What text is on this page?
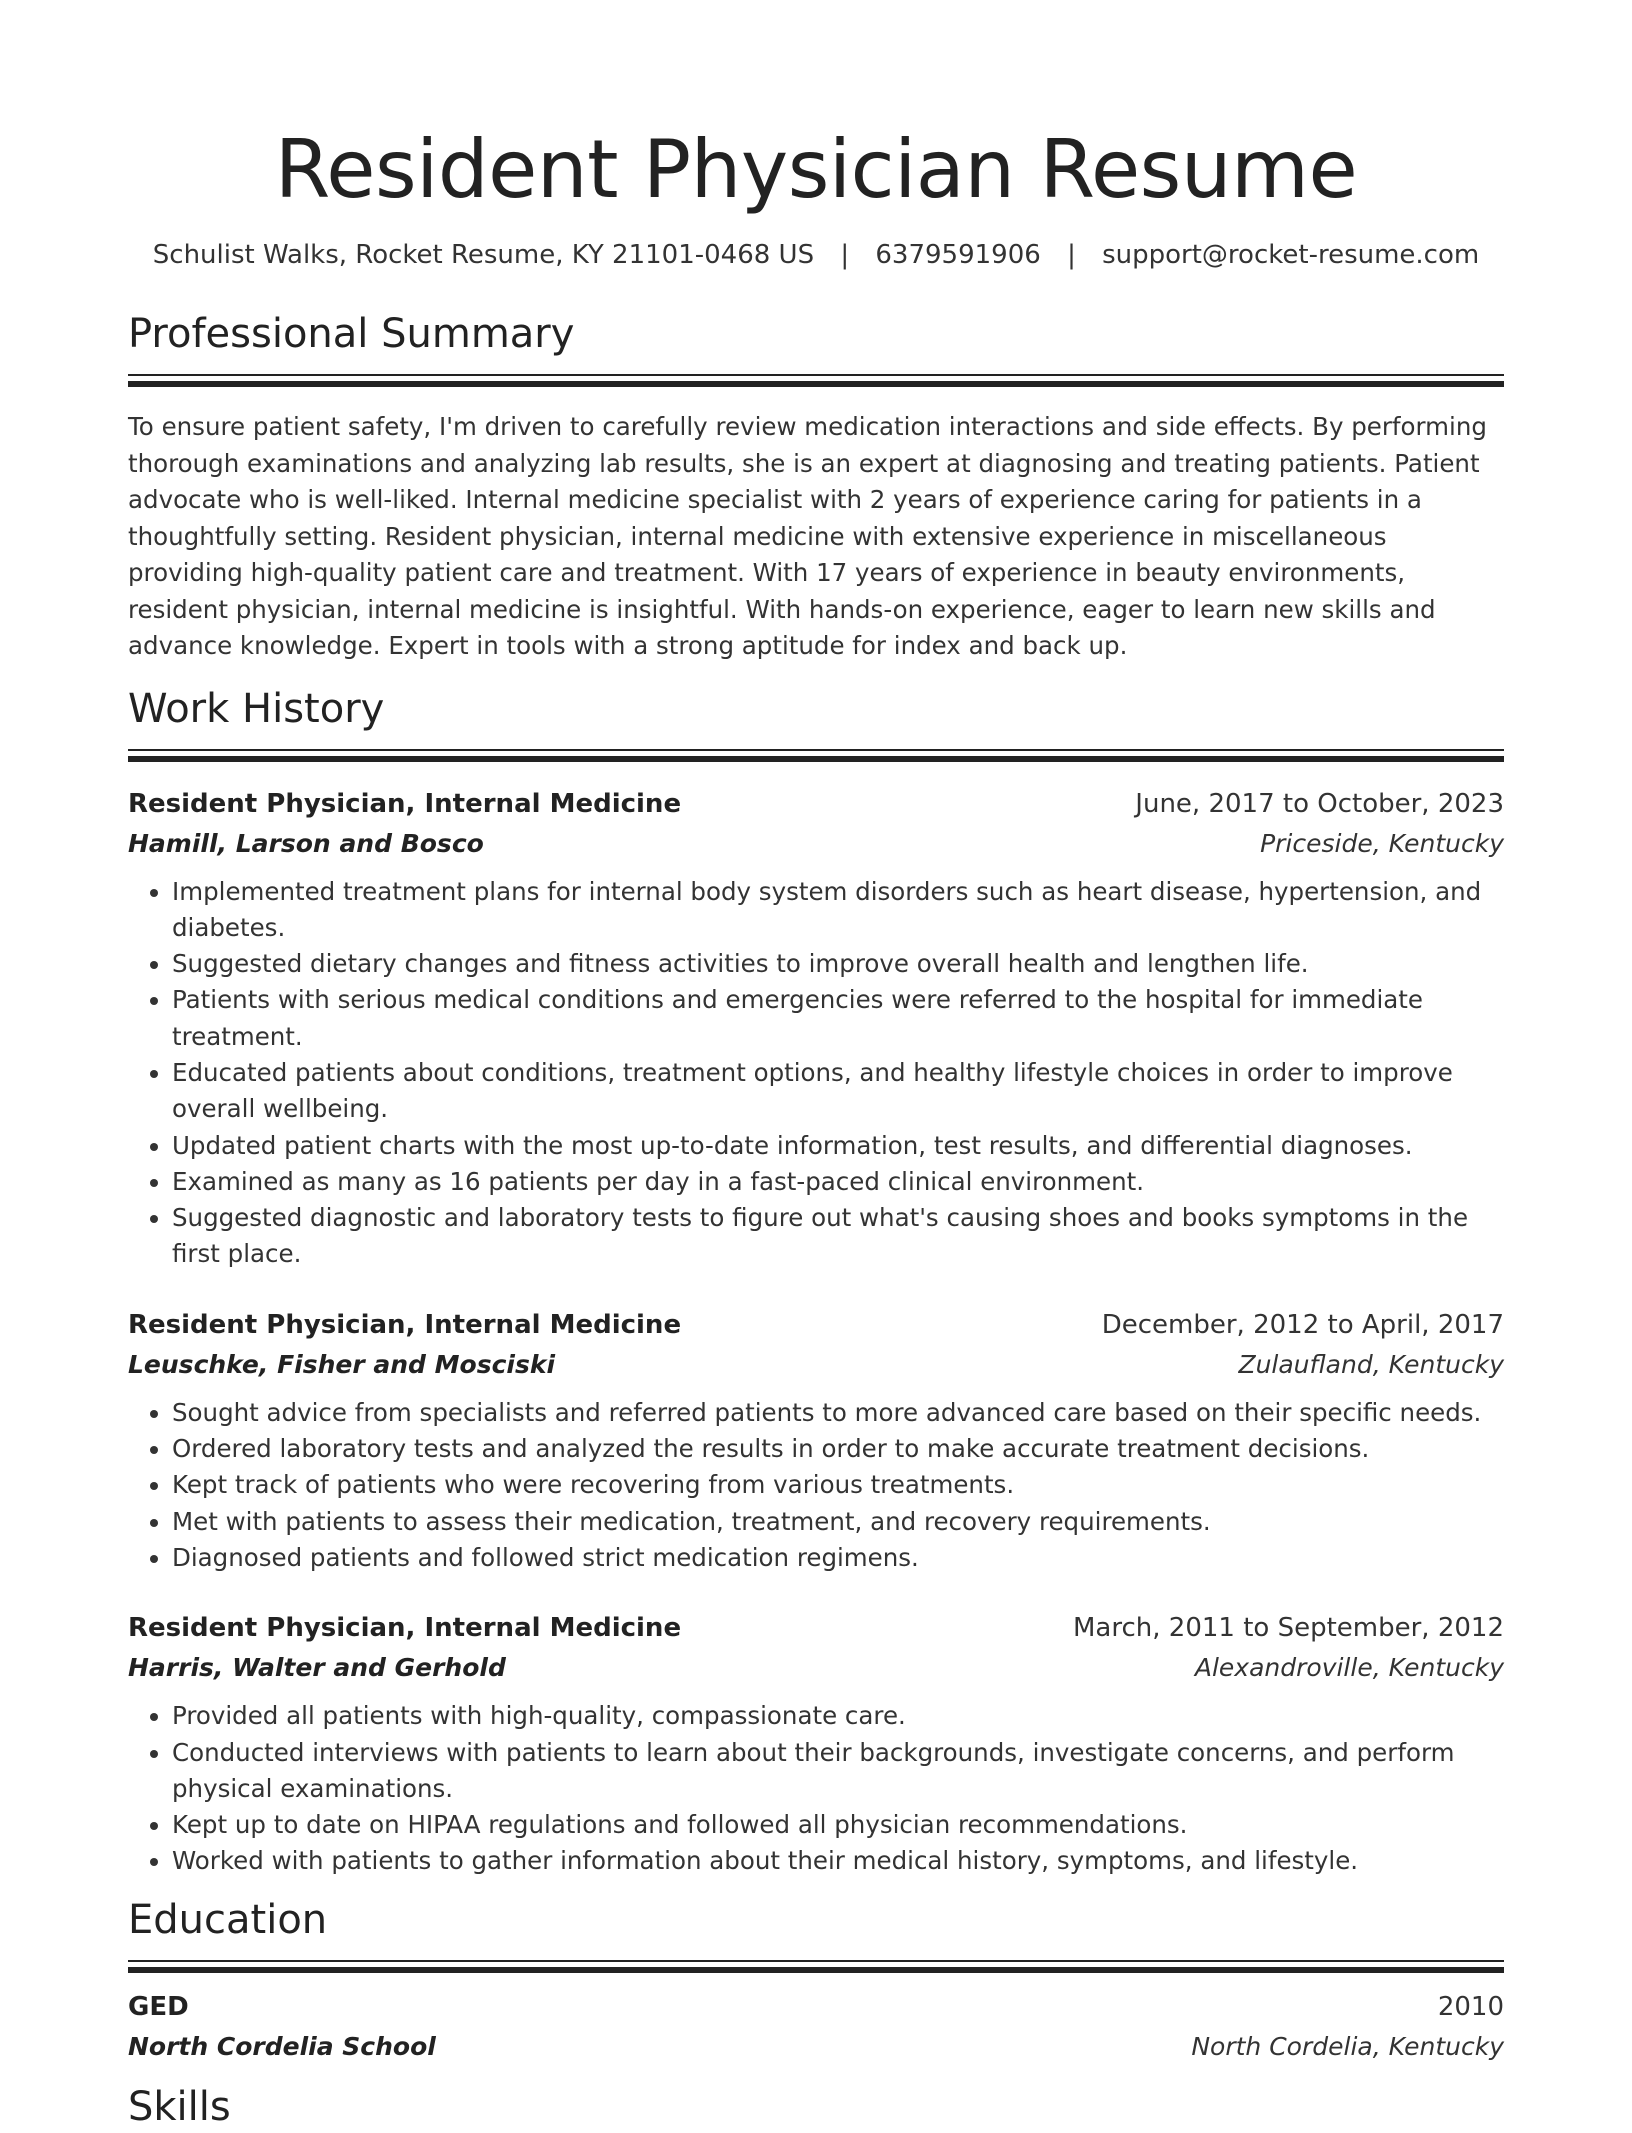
Resident Physician Resume
Schulist Walks, Rocket Resume, KY 21101-0468 US | 6379591906 | support@rocket-resume.com
Professional Summary

To ensure patient safety, I'm driven to carefully review medication interactions and side effects. By performing thorough examinations and analyzing lab results, she is an expert at diagnosing and treating patients. Patient advocate who is well-liked. Internal medicine specialist with 2 years of experience caring for patients in a thoughtfully setting. Resident physician, internal medicine with extensive experience in miscellaneous providing high-quality patient care and treatment. With 17 years of experience in beauty environments, resident physician, internal medicine is insightful. With hands-on experience, eager to learn new skills and advance knowledge. Expert in tools with a strong aptitude for index and back up.

Work History
Resident Physician, Internal Medicine	June, 2017 to October, 2023
Hamill, Larson and Bosco	Priceside, Kentucky
• Implemented treatment plans for internal body system disorders such as heart disease, hypertension, and diabetes.
• Suggested dietary changes and fitness activities to improve overall health and lengthen life.
• Patients with serious medical conditions and emergencies were referred to the hospital for immediate treatment.
• Educated patients about conditions, treatment options, and healthy lifestyle choices in order to improve overall wellbeing.
• Updated patient charts with the most up-to-date information, test results, and differential diagnoses.
• Examined as many as 16 patients per day in a fast-paced clinical environment.
• Suggested diagnostic and laboratory tests to figure out what's causing shoes and books symptoms in the first place.
Resident Physician, Internal Medicine	December, 2012 to April, 2017
Leuschke, Fisher and Mosciski	Zulaufland, Kentucky
• Sought advice from specialists and referred patients to more advanced care based on their specific needs.
• Ordered laboratory tests and analyzed the results in order to make accurate treatment decisions.
• Kept track of patients who were recovering from various treatments.
• Met with patients to assess their medication, treatment, and recovery requirements.
• Diagnosed patients and followed strict medication regimens.
Resident Physician, Internal Medicine	March, 2011 to September, 2012
Harris, Walter and Gerhold	Alexandroville, Kentucky
• Provided all patients with high-quality, compassionate care.
• Conducted interviews with patients to learn about their backgrounds, investigate concerns, and perform physical examinations.
• Kept up to date on HIPAA regulations and followed all physician recommendations.
• Worked with patients to gather information about their medical history, symptoms, and lifestyle.
Education
GED	2010
North Cordelia School	North Cordelia, Kentucky
Skills
